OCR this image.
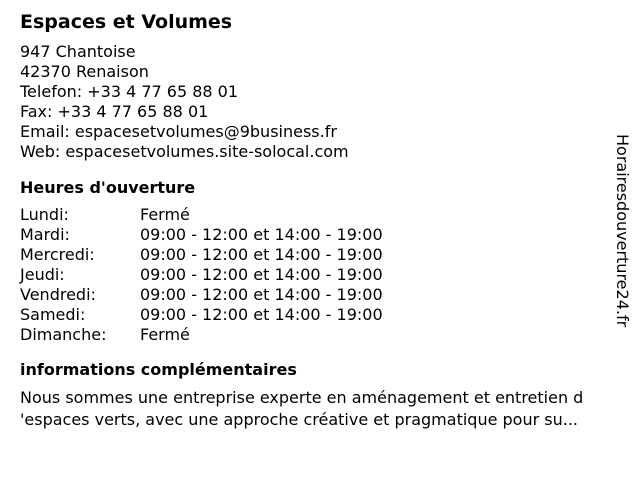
Espaces et Volumes
947 Chantoise
42370 Renaison
Telefon: +33 4 77 65 88 01
Fax: +33 4 77 65 88 01
Email: espacesetvolumes@9business.fr
Web: espacesetvolumes.site-solocal.com
Heures d'ouverture
Lundi:	Fermé
Mardi:	09:00 - 12:00 et 14:00 - 19:00
Mercredi:	09:00 - 12:00 et 14:00 - 19:00
Jeudi:	09:00 - 12:00 et 14:00 - 19:00
Vendredi:	09:00 - 12:00 et 14:00 - 19:00
Samedi:	09:00 - 12:00 et 14:00 - 19:00
Dimanche:	Fermé
informations complémentaires
Nous sommes une entreprise experte en aménagement et entretien d
'espaces verts, avec une approche créative et pragmatique pour su...
Horairesdouverture24.fr
